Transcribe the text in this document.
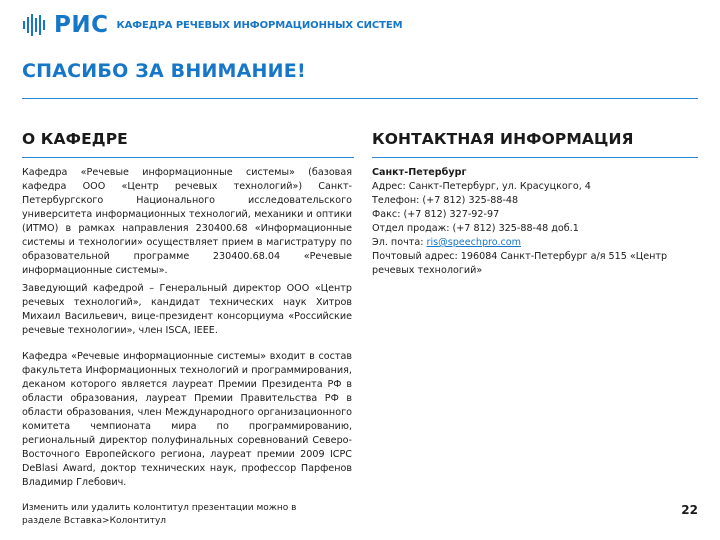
РИС КАФЕДРА РЕЧЕВЫХ ИНФОРМАЦИОННЫХ СИСТЕМ
СПАСИБО ЗА ВНИМАНИЕ!
О КАФЕДРЕ	КОНТАКТНАЯ ИНФОРМАЦИЯ
Кафедра «Речевые информационные системы» (базовая кафедра ООО «Центр речевых технологий») Санкт-Петербургского Национального исследовательского университета информационных технологий, механики и оптики (ИТМО) в рамках направления 230400.68 «Информационные системы и технологии» осуществляет прием в магистратуру по образовательной программе 230400.68.04 «Речевые информационные системы».
Заведующий кафедрой – Генеральный директор ООО «Центр речевых технологий», кандидат технических наук Хитров Михаил Васильевич, вице-президент консорциума «Российские речевые технологии», член ISCA, IEEE.
Кафедра «Речевые информационные системы» входит в состав факультета Информационных технологий и программирования, деканом которого является лауреат Премии Президента РФ в области образования, лауреат Премии Правительства РФ в области образования, член Международного организационного комитета чемпионата мира по программированию, региональный директор полуфинальных соревнований Северо-Восточного Европейского региона, лауреат премии 2009 ICPC DeBlasi Award, доктор технических наук, профессор Парфенов Владимир Глебович.
Санкт-Петербург
Адрес: Санкт-Петербург, ул. Красуцкого, 4
Телефон: (+7 812) 325-88-48
Факс: (+7 812) 327-92-97
Отдел продаж: (+7 812) 325-88-48 доб.1
Эл. почта: ris@speechpro.com
Почтовый адрес: 196084 Санкт-Петербург а/я 515 «Центр речевых технологий»
Изменить или удалить колонтитул презентации можно в разделе Вставка>Колонтитул
22
